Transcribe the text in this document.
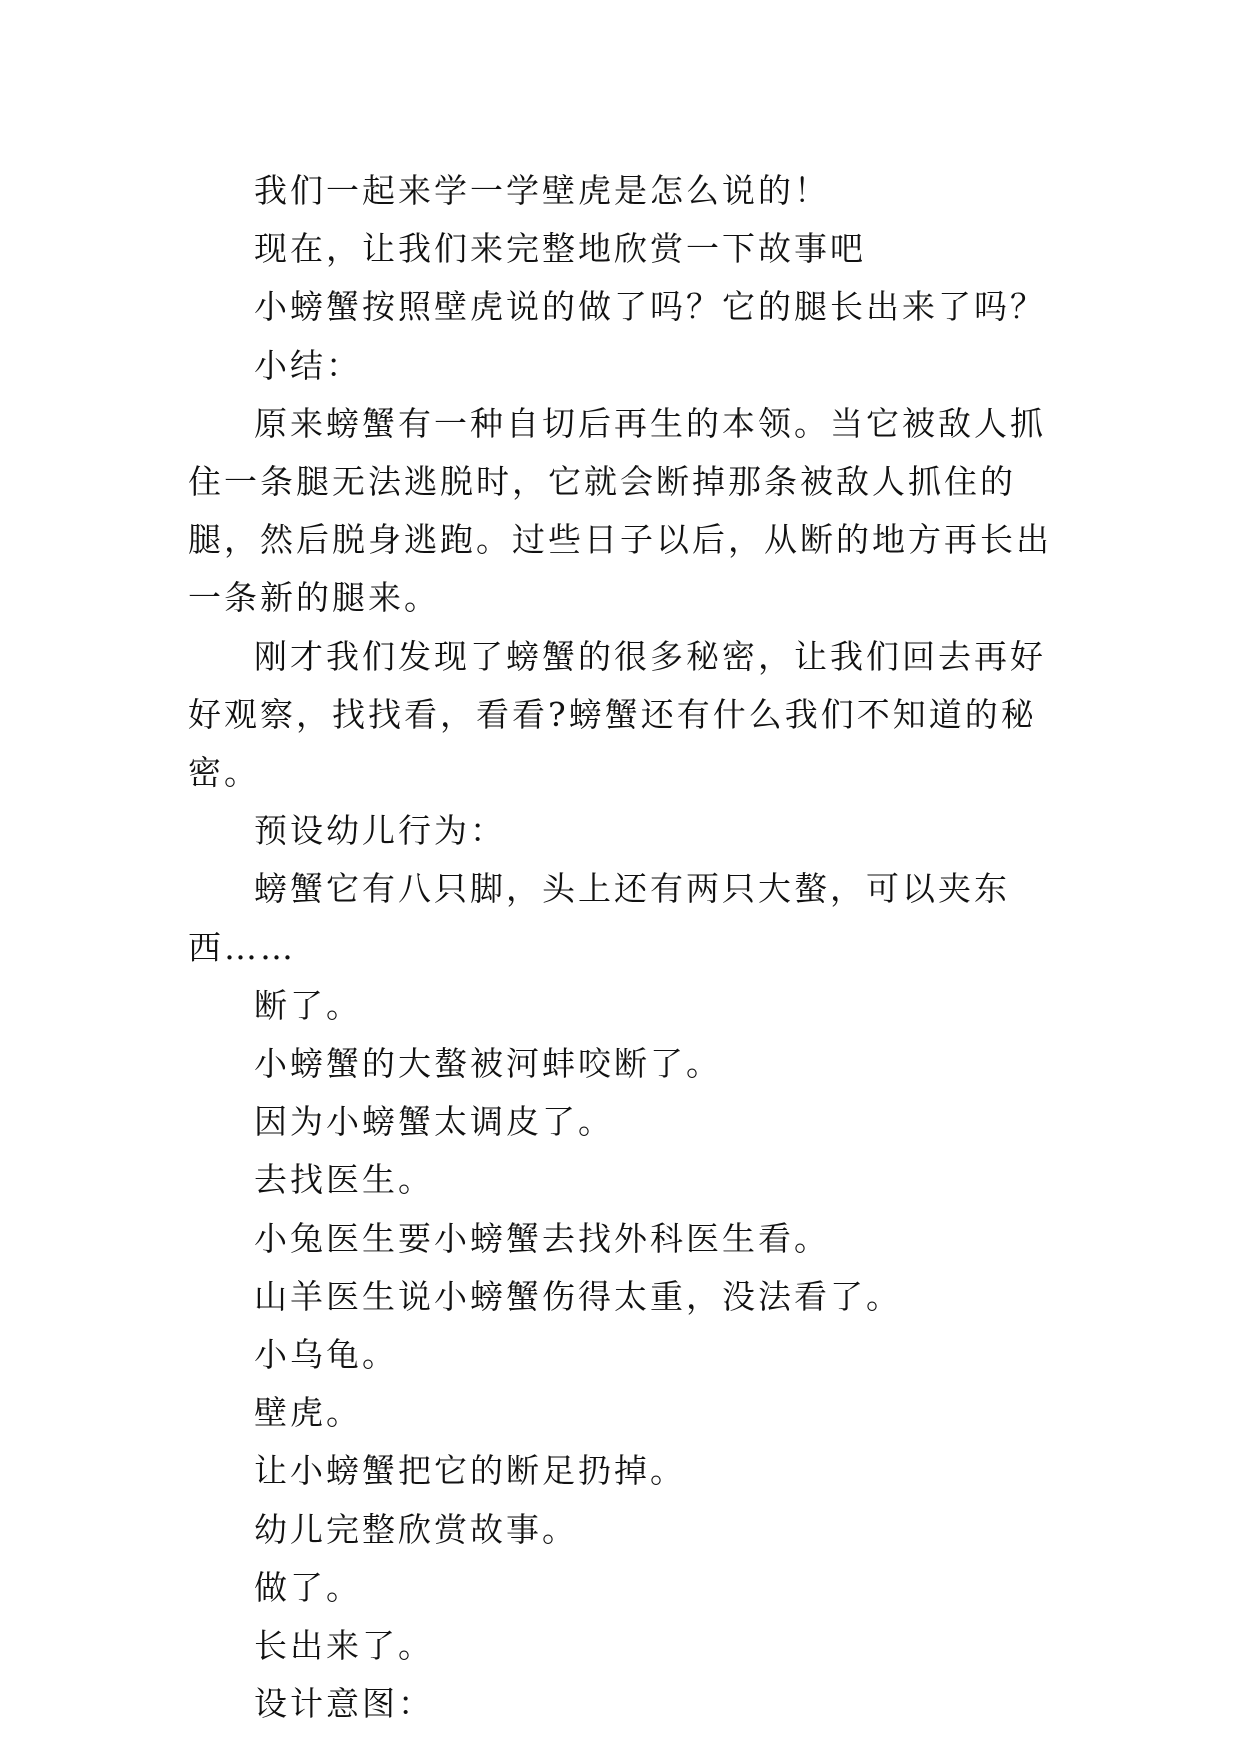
我们一起来学一学壁虎是怎么说的！

现在，让我们来完整地欣赏一下故事吧

小螃蟹按照壁虎说的做了吗？它的腿长出来了吗？

小结：

原来螃蟹有一种自切后再生的本领。当它被敌人抓住一条腿无法逃脱时，它就会断掉那条被敌人抓住的腿，然后脱身逃跑。过些日子以后，从断的地方再长出一条新的腿来。

刚才我们发现了螃蟹的很多秘密，让我们回去再好好观察，找找看，看看?螃蟹还有什么我们不知道的秘密。

预设幼儿行为：

螃蟹它有八只脚，头上还有两只大螯，可以夹东西……

断了。

小螃蟹的大螯被河蚌咬断了。

因为小螃蟹太调皮了。

去找医生。

小兔医生要小螃蟹去找外科医生看。

山羊医生说小螃蟹伤得太重，没法看了。

小乌龟。

壁虎。

让小螃蟹把它的断足扔掉。

幼儿完整欣赏故事。

做了。

长出来了。

设计意图：
